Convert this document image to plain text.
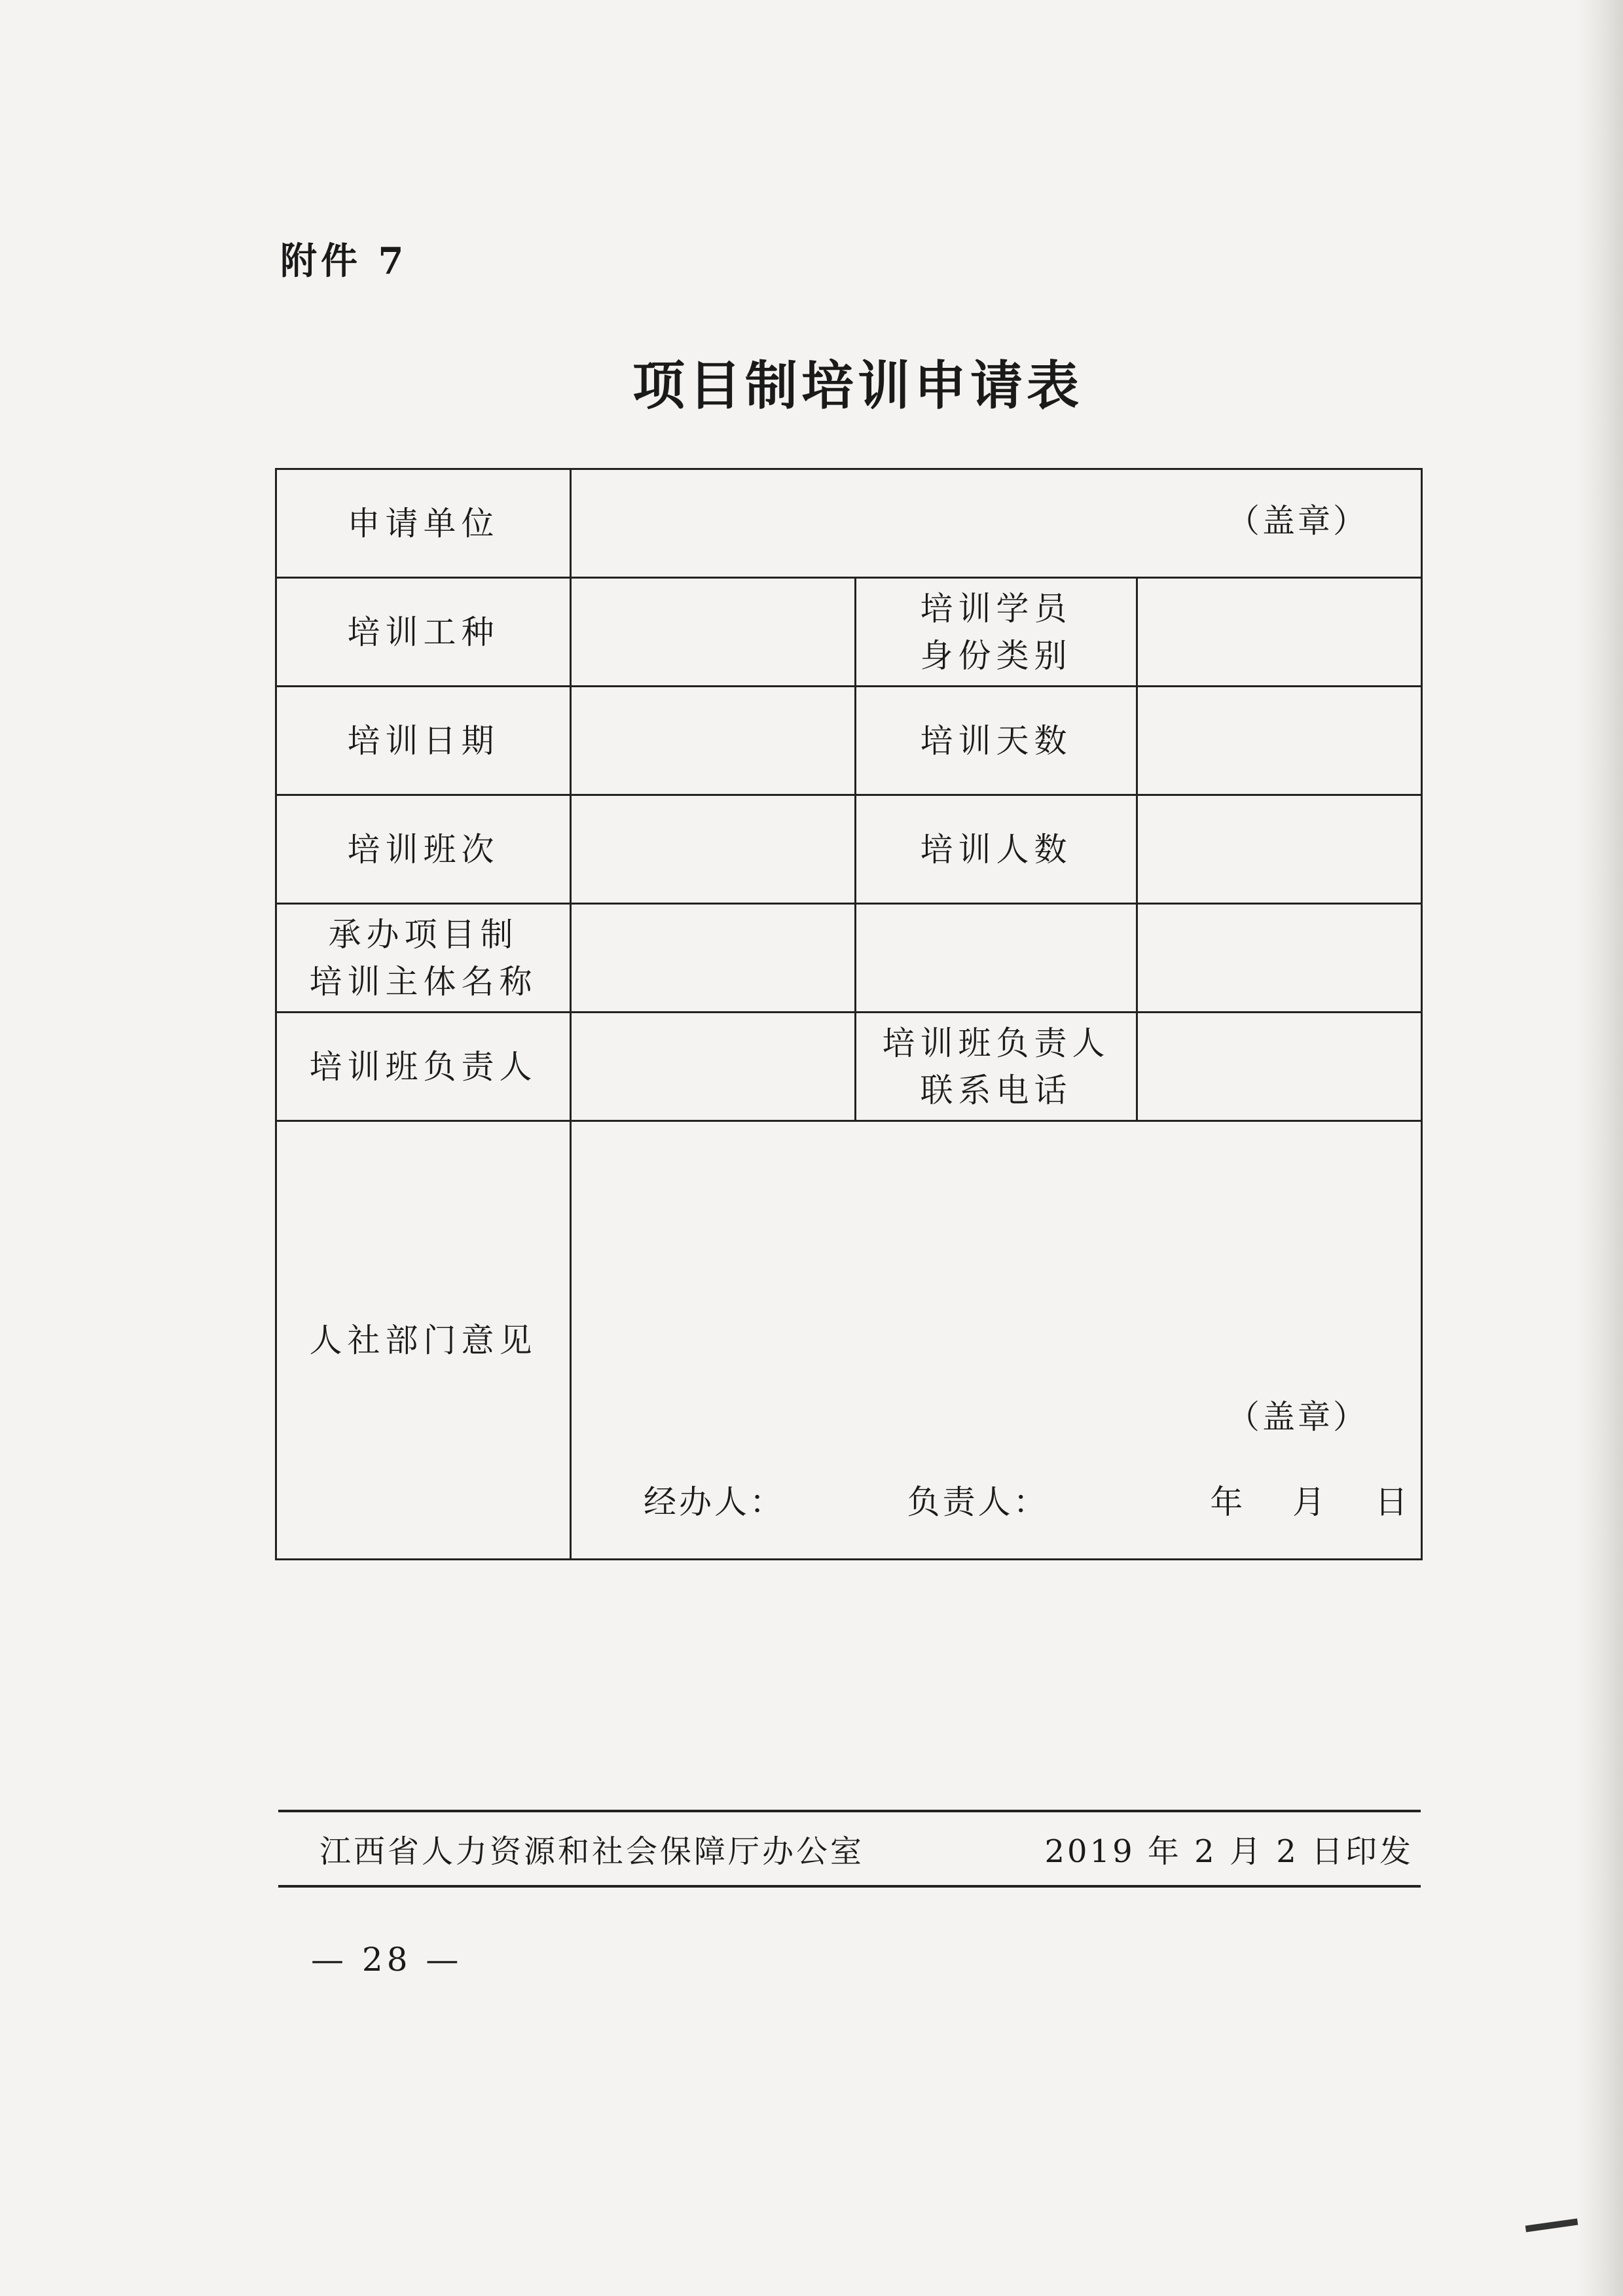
附件 7
项目制培训申请表
申请单位	（盖章）		

培训工种		培训学员
身份类别	

培训日期		培训天数	
培训班次		培训人数	

承办项目制
培训主体名称			

培训班负责人		培训班负责人
联系电话	

人社部门意见	（盖章）
经办人： 负责人： 年 月 日		
江西省人力资源和社会保障厅办公室	2019 年 2 月 2 日印发
— 28 —
